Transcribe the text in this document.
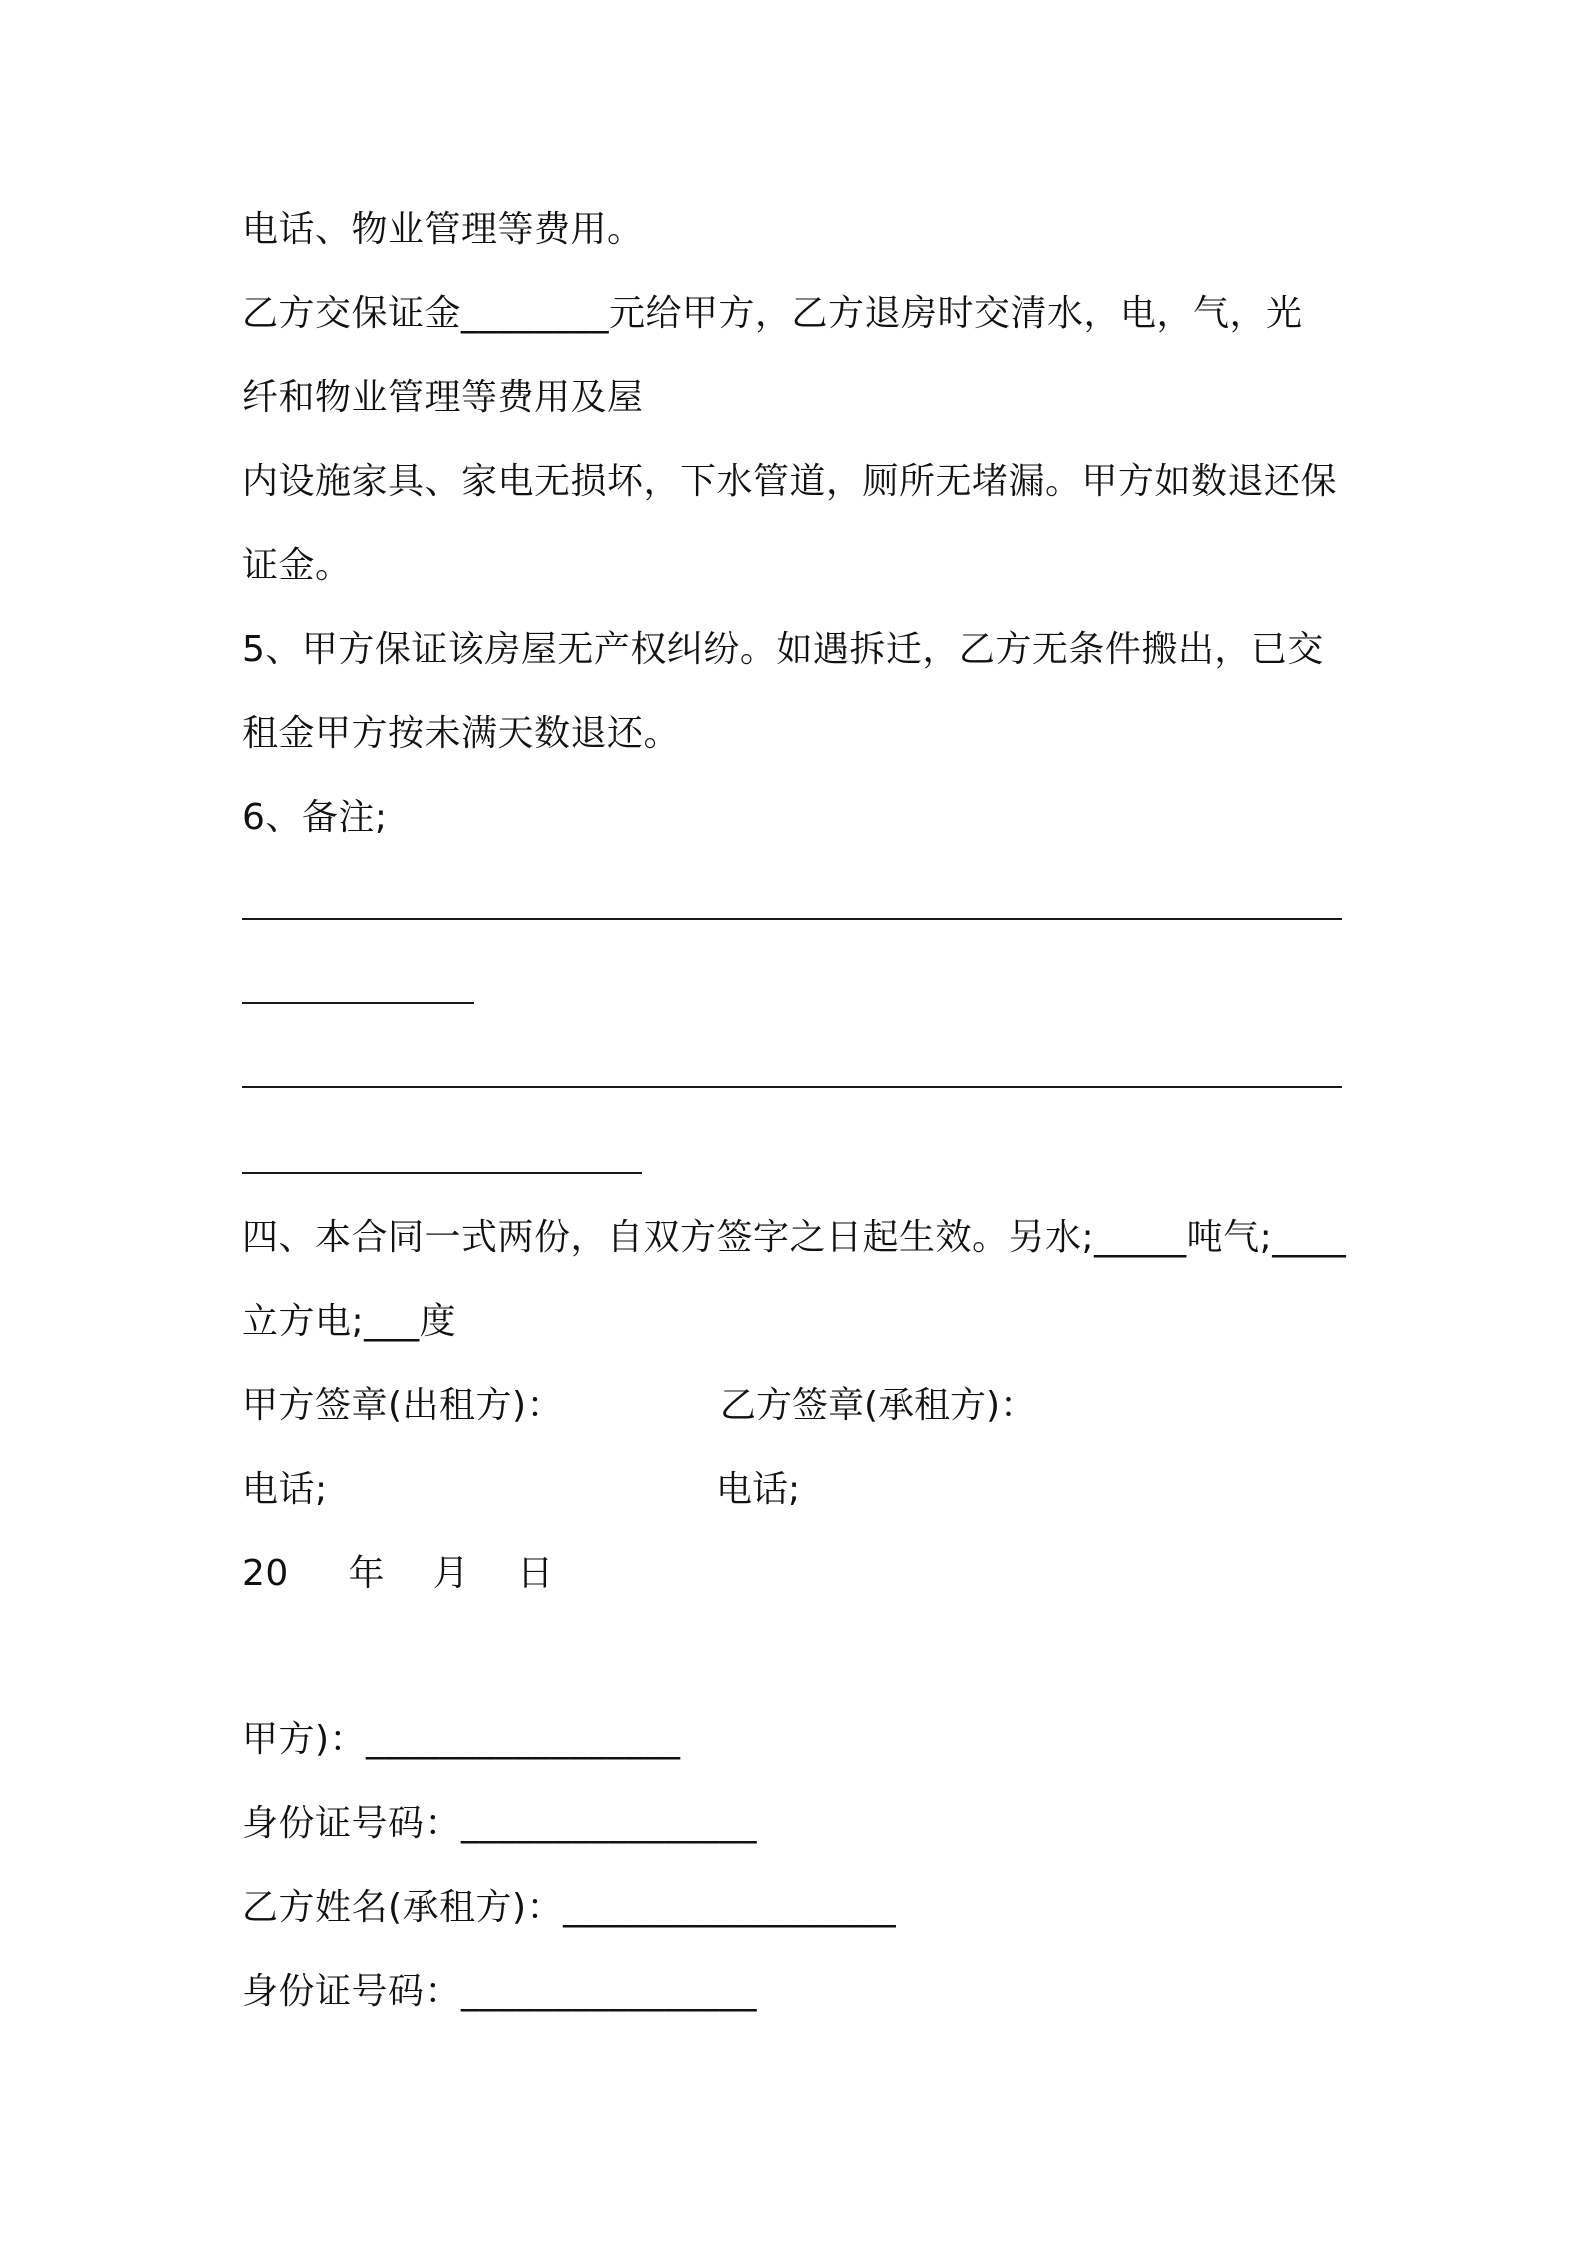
电话、物业管理等费用。
乙方交保证金________元给甲方，乙方退房时交清水，电，气，光
纤和物业管理等费用及屋
内设施家具、家电无损坏，下水管道，厕所无堵漏。甲方如数退还保
证金。
5、甲方保证该房屋无产权纠纷。如遇拆迁，乙方无条件搬出，已交
租金甲方按未满天数退还。
6、备注;
四、本合同一式两份，自双方签字之日起生效。另水;_____吨气;____
立方电;___度
甲方签章(出租方)：	乙方签章(承租方)：
电话;	电话;
20     年    月    日
甲方)：_________________
身份证号码：________________
乙方姓名(承租方)：__________________
身份证号码：________________
